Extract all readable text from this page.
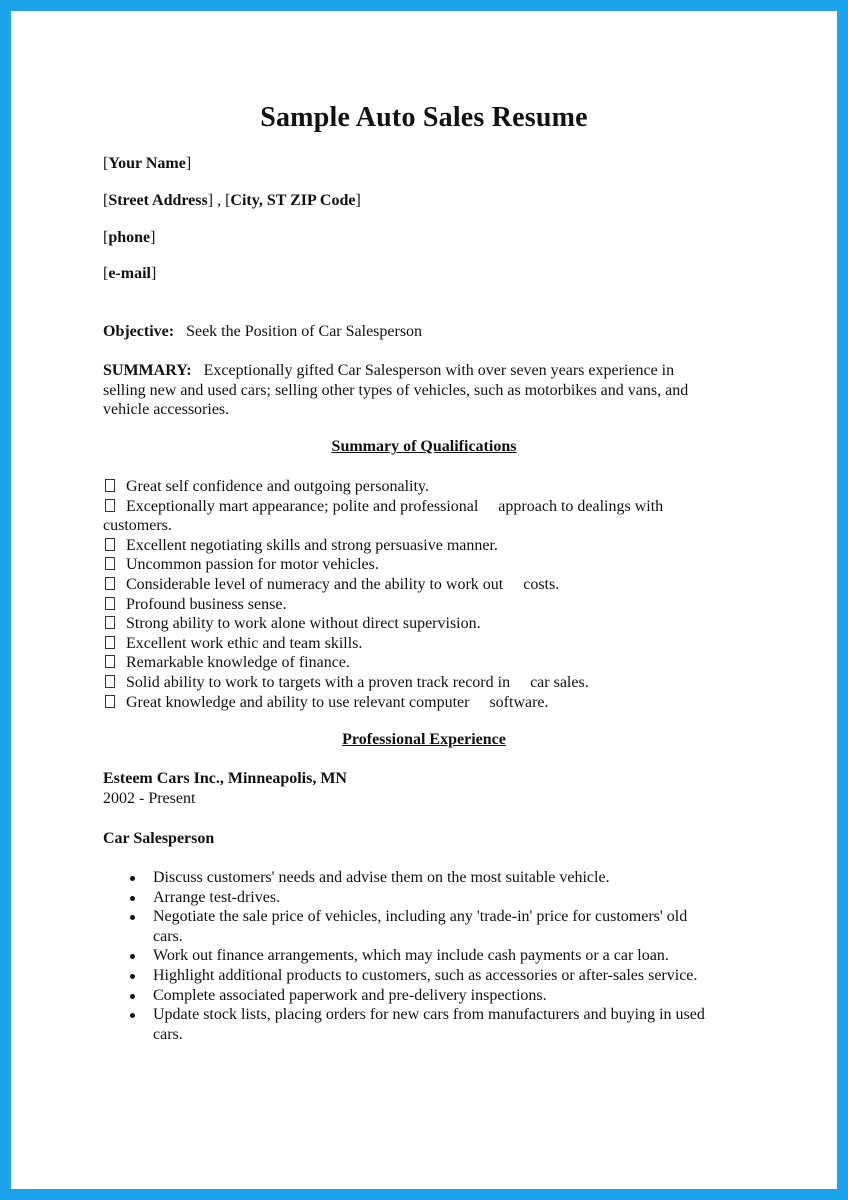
Sample Auto Sales Resume
[Your Name]
[Street Address] , [City, ST ZIP Code]
[phone]
[e-mail]
Objective: Seek the Position of Car Salesperson
SUMMARY: Exceptionally gifted Car Salesperson with over seven years experience in
selling new and used cars; selling other types of vehicles, such as motorbikes and vans, and
vehicle accessories.
Summary of Qualifications
Great self confidence and outgoing personality.
Exceptionally mart appearance; polite and professional     approach to dealings with
customers.
Excellent negotiating skills and strong persuasive manner.
Uncommon passion for motor vehicles.
Considerable level of numeracy and the ability to work out     costs.
Profound business sense.
Strong ability to work alone without direct supervision.
Excellent work ethic and team skills.
Remarkable knowledge of finance.
Solid ability to work to targets with a proven track record in     car sales.
Great knowledge and ability to use relevant computer     software.
Professional Experience
Esteem Cars Inc., Minneapolis, MN
2002 - Present
Car Salesperson
Discuss customers' needs and advise them on the most suitable vehicle.
Arrange test-drives.
Negotiate the sale price of vehicles, including any 'trade-in' price for customers' old
cars.
Work out finance arrangements, which may include cash payments or a car loan.
Highlight additional products to customers, such as accessories or after-sales service.
Complete associated paperwork and pre-delivery inspections.
Update stock lists, placing orders for new cars from manufacturers and buying in used
cars.
